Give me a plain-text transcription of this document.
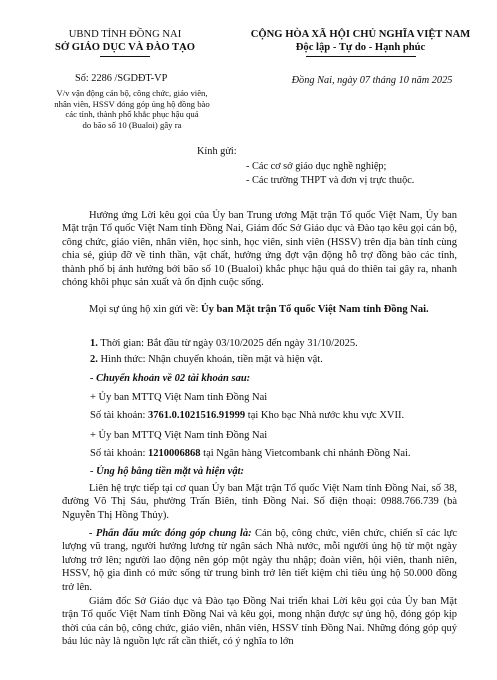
UBND TỈNH ĐỒNG NAI
SỞ GIÁO DỤC VÀ ĐÀO TẠO
CỘNG HÒA XÃ HỘI CHỦ NGHĨA VIỆT NAM
Độc lập - Tự do - Hạnh phúc
Số: 2286 /SGDĐT-VP	Đồng Nai, ngày 07 tháng 10 năm 2025
V/v vận động cán bộ, công chức, giáo viên,
nhân viên, HSSV đóng góp ủng hộ đồng bào
các tỉnh, thành phố khắc phục hậu quả
do bão số 10 (Bualoi) gây ra
Kính gửi:
- Các cơ sở giáo dục nghề nghiệp;
- Các trường THPT và đơn vị trực thuộc.
Hưởng ứng Lời kêu gọi của Ủy ban Trung ương Mặt trận Tổ quốc Việt Nam, Ủy ban Mặt trận Tổ quốc Việt Nam tỉnh Đồng Nai, Giám đốc Sở Giáo dục và Đào tạo kêu gọi cán bộ, công chức, giáo viên, nhân viên, học sinh, học viên, sinh viên (HSSV) trên địa bàn tỉnh cùng chia sẻ, giúp đỡ về tinh thần, vật chất, hưởng ứng đợt vận động hỗ trợ đồng bào các tỉnh, thành phố bị ảnh hưởng bởi bão số 10 (Bualoi) khắc phục hậu quả do thiên tai gây ra, nhanh chóng khôi phục sản xuất và ổn định cuộc sống.
Mọi sự ủng hộ xin gửi về: Ủy ban Mặt trận Tổ quốc Việt Nam tỉnh Đồng Nai.
1. Thời gian: Bắt đầu từ ngày 03/10/2025 đến ngày 31/10/2025.
2. Hình thức: Nhận chuyển khoản, tiền mặt và hiện vật.
- Chuyển khoản về 02 tài khoản sau:
+ Ủy ban MTTQ Việt Nam tỉnh Đồng Nai
Số tài khoản: 3761.0.1021516.91999 tại Kho bạc Nhà nước khu vực XVII.
+ Ủy ban MTTQ Việt Nam tỉnh Đồng Nai
Số tài khoản: 1210006868 tại Ngân hàng Vietcombank chi nhánh Đồng Nai.
- Ủng hộ bằng tiền mặt và hiện vật:
Liên hệ trực tiếp tại cơ quan Ủy ban Mặt trận Tổ quốc Việt Nam tỉnh Đồng Nai, số 38, đường Võ Thị Sáu, phường Trấn Biên, tỉnh Đồng Nai. Số điện thoại: 0988.766.739 (bà Nguyễn Thị Hồng Thủy).
- Phấn đấu mức đóng góp chung là: Cán bộ, công chức, viên chức, chiến sĩ các lực lượng vũ trang, người hưởng lương từ ngân sách Nhà nước, mỗi người ủng hộ từ một ngày lương trở lên; người lao động nên góp một ngày thu nhập; đoàn viên, hội viên, thanh niên, HSSV, hộ gia đình có mức sống từ trung bình trở lên tiết kiệm chi tiêu ủng hộ 50.000 đồng trở lên.
Giám đốc Sở Giáo dục và Đào tạo Đồng Nai triển khai Lời kêu gọi của Ủy ban Mặt trận Tổ quốc Việt Nam tỉnh Đồng Nai và kêu gọi, mong nhận được sự ủng hộ, đóng góp kịp thời của cán bộ, công chức, giáo viên, nhân viên, HSSV tỉnh Đồng Nai. Những đóng góp quý báu lúc này là nguồn lực rất cần thiết, có ý nghĩa to lớn
